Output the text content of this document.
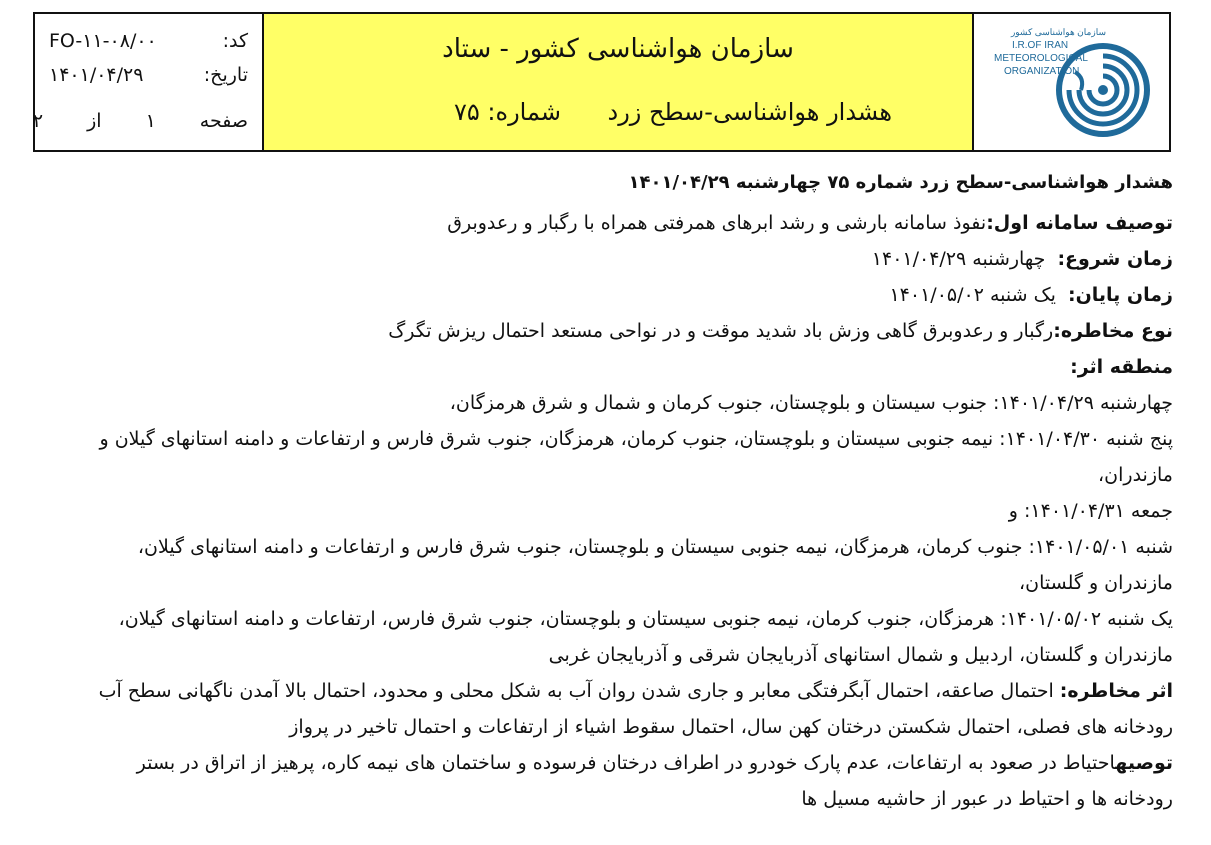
سازمان هواشناسی کشور
I.R.OF IRAN
METEOROLOGICAL
ORGANIZATION
سازمان هواشناسی کشور - ستاد
هشدار هواشناسی-سطح زرد
شماره: ۷۵
کد:
FO-۱۱-۰۸/۰۰
تاریخ:
۱۴۰۱/۰۴/۲۹
صفحه
۱
از
۲
هشدار هواشناسی-سطح زرد شماره ۷۵ چهارشنبه ۱۴۰۱/۰۴/۲۹
توصیف سامانه اول:نفوذ سامانه بارشی و رشد ابرهای همرفتی همراه با رگبار و رعدوبرق
زمان شروع:  چهارشنبه ۱۴۰۱/۰۴/۲۹
زمان پایان:  یک شنبه ۱۴۰۱/۰۵/۰۲
نوع مخاطره:رگبار و رعدوبرق گاهی وزش باد شدید موقت و در نواحی مستعد احتمال ریزش تگرگ
منطقه اثر:
چهارشنبه ۱۴۰۱/۰۴/۲۹: جنوب سیستان و بلوچستان، جنوب کرمان و شمال و شرق هرمزگان،
پنج شنبه ۱۴۰۱/۰۴/۳۰: نیمه جنوبی سیستان و بلوچستان، جنوب کرمان، هرمزگان، جنوب شرق فارس و ارتفاعات و دامنه استانهای گیلان و
مازندران،
جمعه ۱۴۰۱/۰۴/۳۱: و
شنبه ۱۴۰۱/۰۵/۰۱: جنوب کرمان، هرمزگان، نیمه جنوبی سیستان و بلوچستان، جنوب شرق فارس و ارتفاعات و دامنه استانهای گیلان،
مازندران و گلستان،
یک شنبه ۱۴۰۱/۰۵/۰۲: هرمزگان، جنوب کرمان، نیمه جنوبی سیستان و بلوچستان، جنوب شرق فارس، ارتفاعات و دامنه استانهای گیلان،
مازندران و گلستان، اردبیل و شمال استانهای آذربایجان شرقی و آذربایجان غربی
اثر مخاطره: احتمال صاعقه، احتمال آبگرفتگی معابر و جاری شدن روان آب به شکل محلی و محدود، احتمال بالا آمدن ناگهانی سطح آب
رودخانه های فصلی، احتمال شکستن درختان کهن سال، احتمال سقوط اشیاء از ارتفاعات و احتمال تاخیر در پرواز
توصیهاحتیاط در صعود به ارتفاعات، عدم پارک خودرو در اطراف درختان فرسوده و ساختمان های نیمه کاره، پرهیز از اتراق در بستر
رودخانه ها و احتیاط در عبور از حاشیه مسیل ها
